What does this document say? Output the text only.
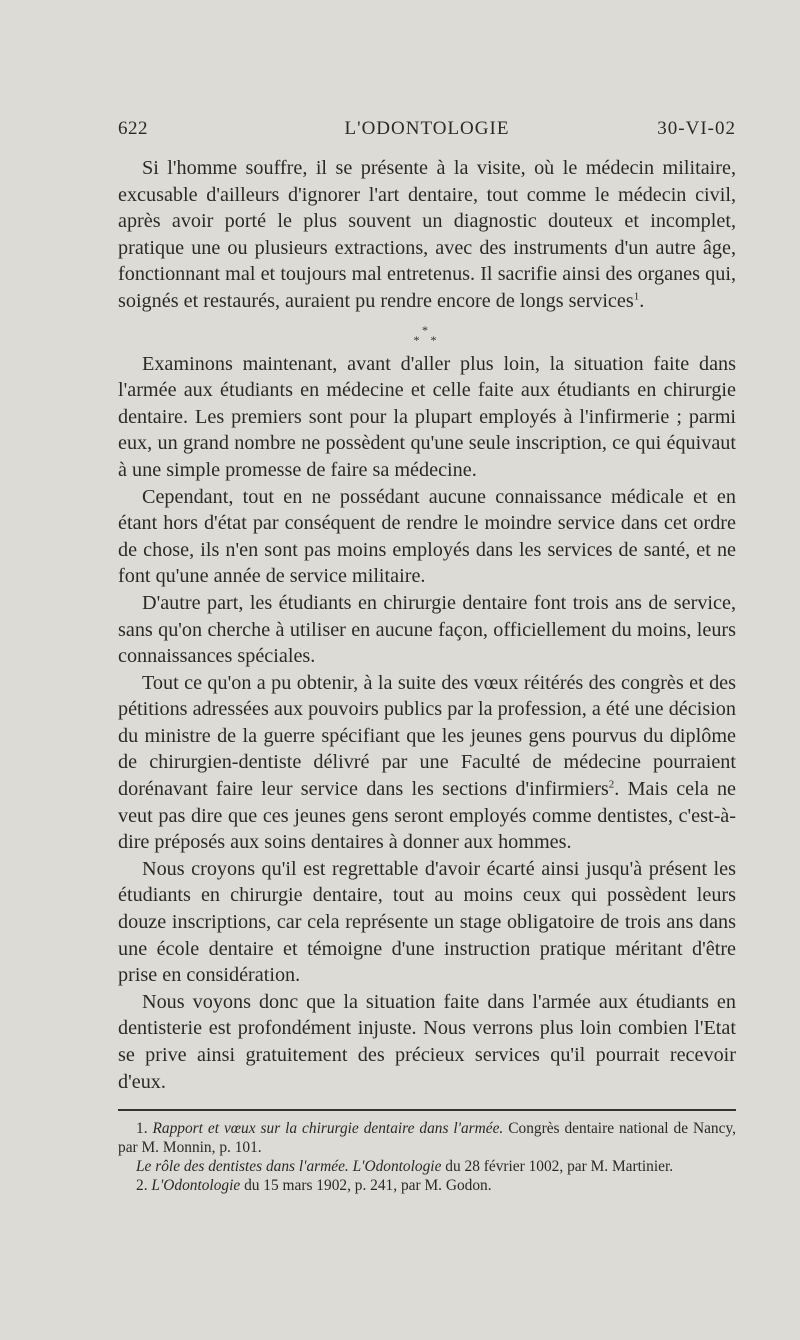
622	L'ODONTOLOGIE	30-VI-02

Si l'homme souffre, il se présente à la visite, où le médecin militaire, excusable d'ailleurs d'ignorer l'art dentaire, tout comme le médecin civil, après avoir porté le plus souvent un diagnostic douteux et incomplet, pratique une ou plusieurs extractions, avec des instruments d'un autre âge, fonctionnant mal et toujours mal entretenus. Il sacrifie ainsi des organes qui, soignés et restaurés, auraient pu rendre encore de longs services$^1$.

*
* *

Examinons maintenant, avant d'aller plus loin, la situation faite dans l'armée aux étudiants en médecine et celle faite aux étudiants en chirurgie dentaire. Les premiers sont pour la plupart employés à l'infirmerie ; parmi eux, un grand nombre ne possèdent qu'une seule inscription, ce qui équivaut à une simple promesse de faire sa médecine.

Cependant, tout en ne possédant aucune connaissance médicale et en étant hors d'état par conséquent de rendre le moindre service dans cet ordre de chose, ils n'en sont pas moins employés dans les services de santé, et ne font qu'une année de service militaire.

D'autre part, les étudiants en chirurgie dentaire font trois ans de service, sans qu'on cherche à utiliser en aucune façon, officiellement du moins, leurs connaissances spéciales.

Tout ce qu'on a pu obtenir, à la suite des vœux réitérés des congrès et des pétitions adressées aux pouvoirs publics par la profession, a été une décision du ministre de la guerre spécifiant que les jeunes gens pourvus du diplôme de chirurgien-dentiste délivré par une Faculté de médecine pourraient dorénavant faire leur service dans les sections d'infirmiers$^2$. Mais cela ne veut pas dire que ces jeunes gens seront employés comme dentistes, c'est-à-dire préposés aux soins dentaires à donner aux hommes.

Nous croyons qu'il est regrettable d'avoir écarté ainsi jusqu'à présent les étudiants en chirurgie dentaire, tout au moins ceux qui possèdent leurs douze inscriptions, car cela représente un stage obligatoire de trois ans dans une école dentaire et témoigne d'une instruction pratique méritant d'être prise en considération.

Nous voyons donc que la situation faite dans l'armée aux étudiants en dentisterie est profondément injuste. Nous verrons plus loin combien l'Etat se prive ainsi gratuitement des précieux services qu'il pourrait recevoir d'eux.

1. Rapport et vœux sur la chirurgie dentaire dans l'armée. Congrès dentaire national de Nancy, par M. Monnin, p. 101.

Le rôle des dentistes dans l'armée. L'Odontologie du 28 février 1002, par M. Martinier.

2. L'Odontologie du 15 mars 1902, p. 241, par M. Godon.
